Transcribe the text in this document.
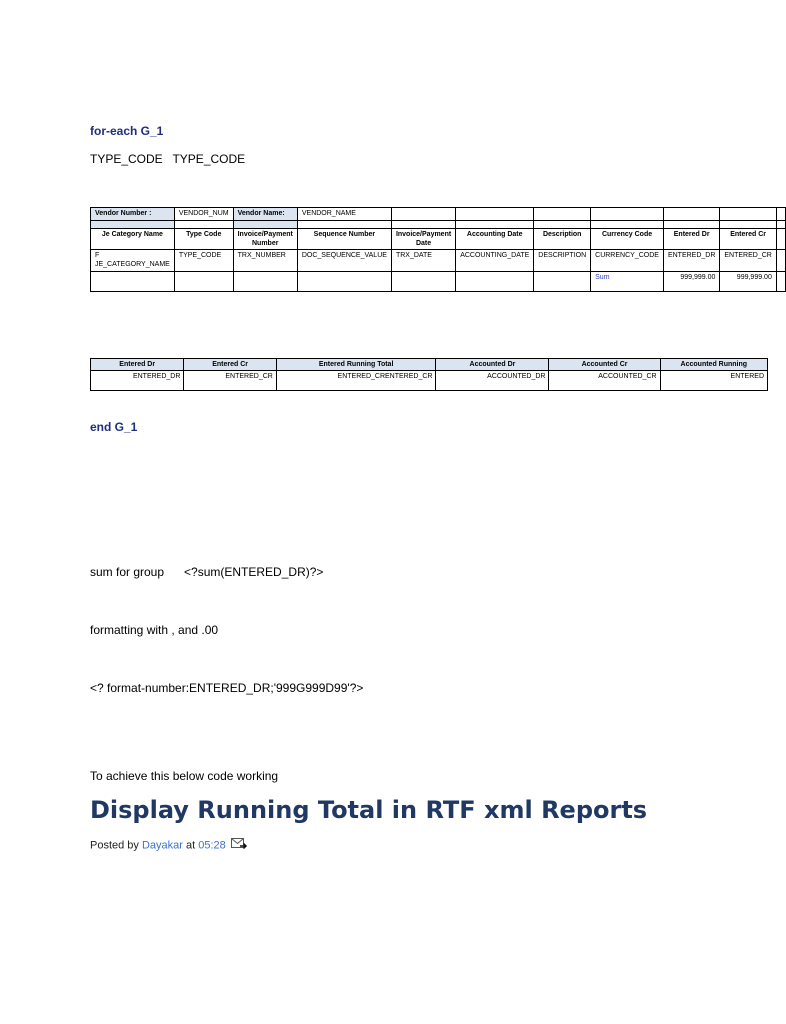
for-each G_1
TYPE_CODE   TYPE_CODE
Vendor Number :	VENDOR_NUM	Vendor Name:	VENDOR_NAME							

Je Category Name	Type Code	Invoice/Payment Number	Sequence Number	Invoice/Payment Date	Accounting Date	Description	Currency Code	Entered Dr	Entered Cr	
F JE_CATEGORY_NAME	TYPE_CODE	TRX_NUMBER	DOC_SEQUENCE_VALUE	TRX_DATE	ACCOUNTING_DATE	DESCRIPTION	CURRENCY_CODE	ENTERED_DR	ENTERED_CR	
							Sum	999,999.00	999,999.00	
Entered Dr	Entered Cr	Entered Running Total	Accounted Dr	Accounted Cr	Accounted Running
ENTERED_DR	ENTERED_CR	ENTERED_CRENTERED_CR	ACCOUNTED_DR	ACCOUNTED_CR	ENTERED
end G_1
sum for group      <?sum(ENTERED_DR)?>
formatting with , and .00
<? format-number:ENTERED_DR;'999G999D99'?>
To achieve this below code working
Display Running Total in RTF xml Reports
Posted by Dayakar at 05:28
